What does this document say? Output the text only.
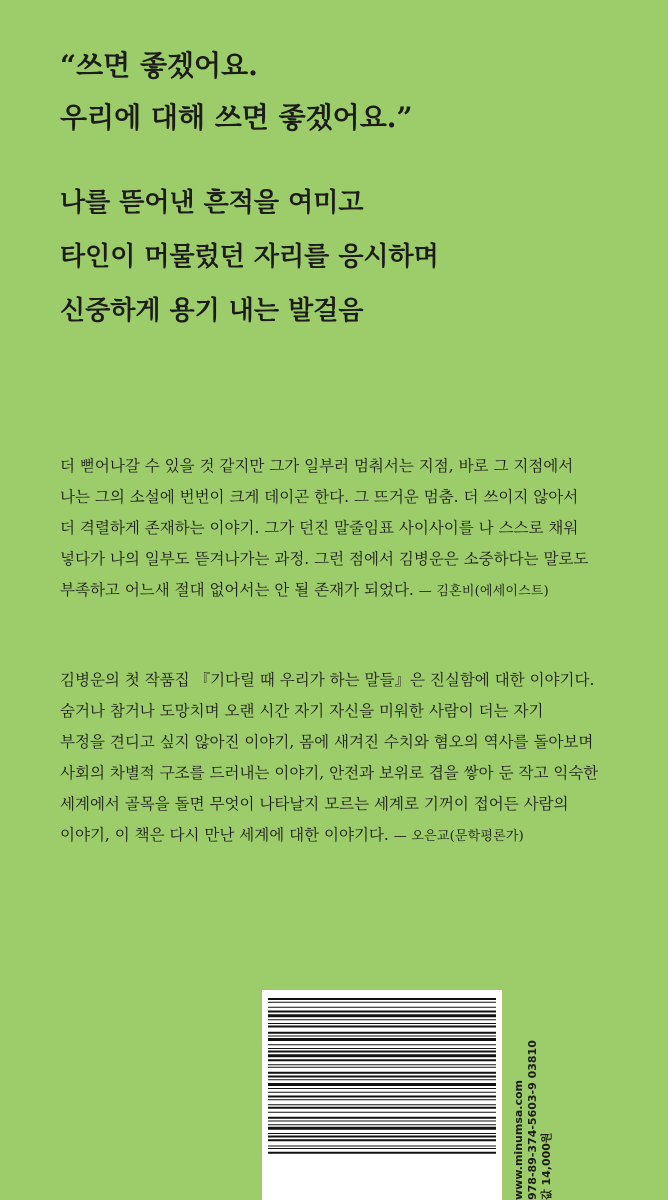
“쓰면 좋겠어요.
우리에 대해 쓰면 좋겠어요.”
나를 뜯어낸 흔적을 여미고
타인이 머물렀던 자리를 응시하며
신중하게 용기 내는 발걸음
더 뻗어나갈 수 있을 것 같지만 그가 일부러 멈춰서는 지점, 바로 그 지점에서
나는 그의 소설에 번번이 크게 데이곤 한다. 그 뜨거운 멈춤. 더 쓰이지 않아서
더 격렬하게 존재하는 이야기. 그가 던진 말줄임표 사이사이를 나 스스로 채워
넣다가 나의 일부도 뜯겨나가는 과정. 그런 점에서 김병운은 소중하다는 말로도
부족하고 어느새 절대 없어서는 안 될 존재가 되었다. — 김혼비(에세이스트)
김병운의 첫 작품집 『기다릴 때 우리가 하는 말들』은 진실함에 대한 이야기다.
숨거나 참거나 도망치며 오랜 시간 자기 자신을 미워한 사람이 더는 자기
부정을 견디고 싶지 않아진 이야기, 몸에 새겨진 수치와 혐오의 역사를 돌아보며
사회의 차별적 구조를 드러내는 이야기, 안전과 보위로 겹을 쌓아 둔 작고 익숙한
세계에서 골목을 돌면 무엇이 나타날지 모르는 세계로 기꺼이 접어든 사람의
이야기, 이 책은 다시 만난 세계에 대한 이야기다. — 오은교(문학평론가)
www.minumsa.com 978-89-374-5603-9 03810 값 14,000원
